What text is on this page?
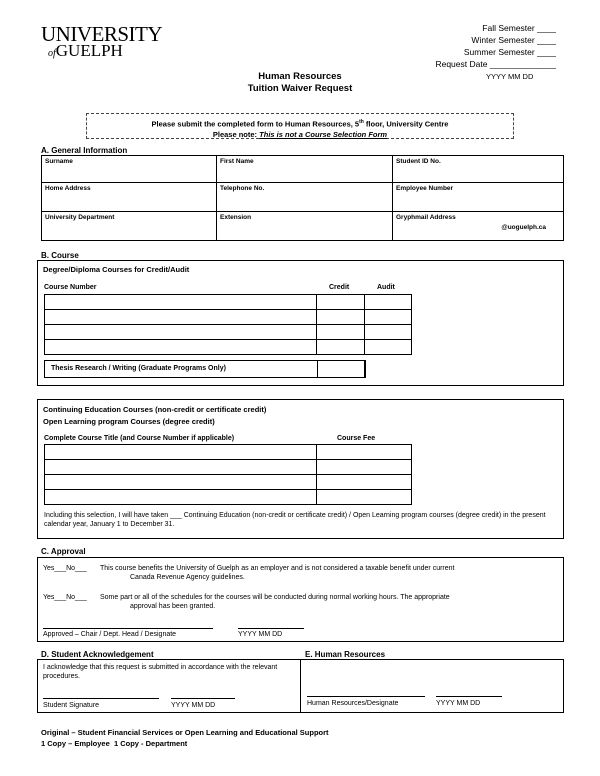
UNIVERSITY
ofGUELPH
Fall Semester ____
Winter Semester ____
Summer Semester ____
Request Date ______________
YYYY MM DD
Human Resources
Tuition Waiver Request
Please submit the completed form to Human Resources, 5th floor, University Centre
Please note: This is not a Course Selection Form
A. General Information
Surname	First Name	Student ID No.
Home Address	Telephone No.	Employee Number
University Department	Extension	Gryphmail Address
@uoguelph.ca
B. Course
Degree/Diploma Courses for Credit/Audit
Course Number	Credit	Audit

Thesis Research / Writing (Graduate Programs Only)
Continuing Education Courses (non-credit or certificate credit)
Open Learning program Courses (degree credit)
Complete Course Title (and Course Number if applicable)	Course Fee

Including this selection, I will have taken ___ Continuing Education (non-credit or certificate credit) / Open Learning program courses (degree credit) in the present calendar year, January 1 to December 31.
C. Approval
Yes___No___ This course benefits the University of Guelph as an employer and is not considered a taxable benefit under current
Canada Revenue Agency guidelines.
Yes___No___ Some part or all of the schedules for the courses will be conducted during normal working hours. The appropriate
approval has been granted.
Approved – Chair / Dept. Head / Designate	YYYY MM DD
D. Student Acknowledgement	E. Human Resources
I acknowledge that this request is submitted in accordance with the relevant procedures.
Student Signature	YYYY MM DD	Human Resources/Designate	YYYY MM DD
Original – Student Financial Services or Open Learning and Educational Support
1 Copy – Employee  1 Copy - Department
